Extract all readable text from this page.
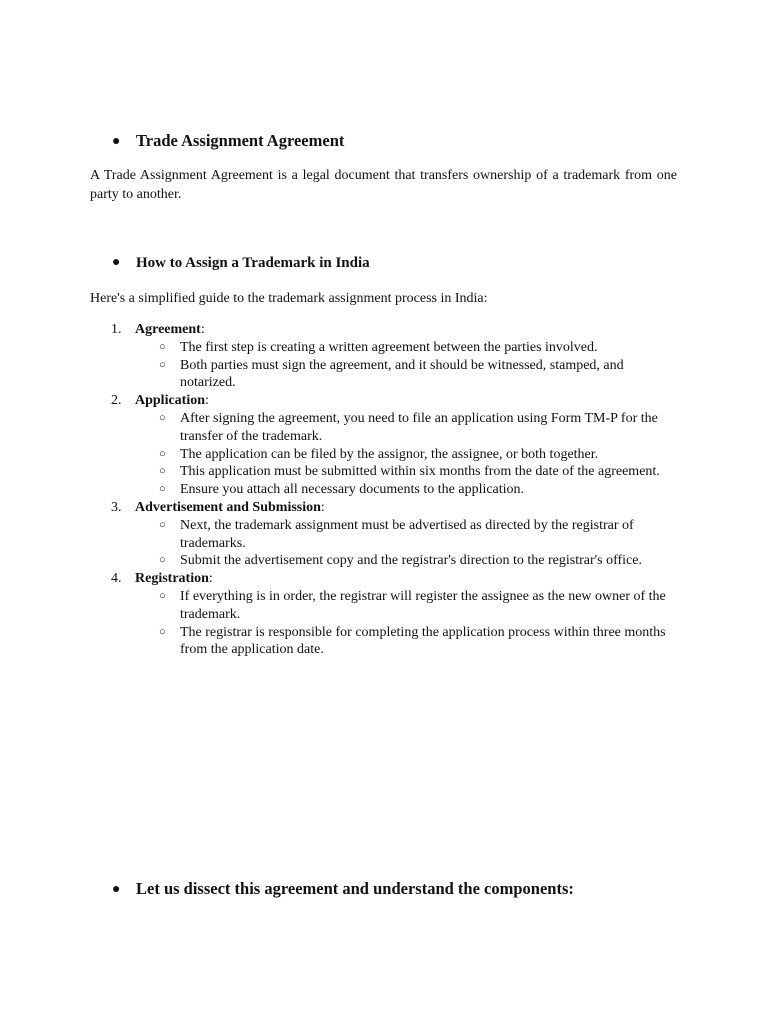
● Trade Assignment Agreement
A Trade Assignment Agreement is a legal document that transfers ownership of a trademark from one party to another.
● How to Assign a Trademark in India
Here's a simplified guide to the trademark assignment process in India:
1. Agreement:
○ The first step is creating a written agreement between the parties involved.
○ Both parties must sign the agreement, and it should be witnessed, stamped, and notarized.
2. Application:
○ After signing the agreement, you need to file an application using Form TM-P for the transfer of the trademark.
○ The application can be filed by the assignor, the assignee, or both together.
○ This application must be submitted within six months from the date of the agreement.
○ Ensure you attach all necessary documents to the application.
3. Advertisement and Submission:
○ Next, the trademark assignment must be advertised as directed by the registrar of trademarks.
○ Submit the advertisement copy and the registrar's direction to the registrar's office.
4. Registration:
○ If everything is in order, the registrar will register the assignee as the new owner of the trademark.
○ The registrar is responsible for completing the application process within three months from the application date.
● Let us dissect this agreement and understand the components:
